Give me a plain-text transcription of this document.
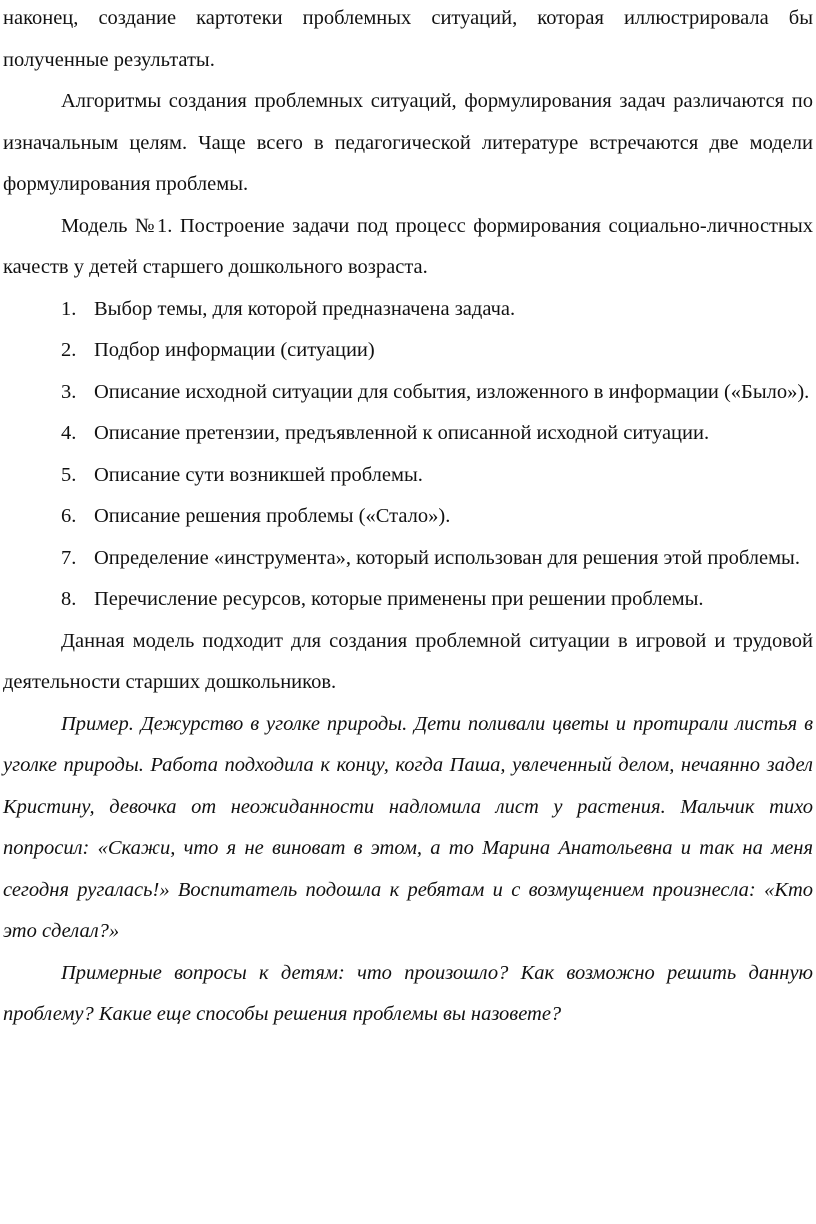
наконец, создание картотеки проблемных ситуаций, которая иллюстрировала бы полученные результаты.

Алгоритмы создания проблемных ситуаций, формулирования задач различаются по изначальным целям. Чаще всего в педагогической литературе встречаются две модели формулирования проблемы.

Модель №1. Построение задачи под процесс формирования социально-личностных качеств у детей старшего дошкольного возраста.

1. Выбор темы, для которой предназначена задача.

2. Подбор информации (ситуации)

3. Описание исходной ситуации для события, изложенного в информации («Было»).

4. Описание претензии, предъявленной к описанной исходной ситуации.

5. Описание сути возникшей проблемы.

6. Описание решения проблемы («Стало»).

7. Определение «инструмента», который использован для решения этой проблемы.

8. Перечисление ресурсов, которые применены при решении проблемы.

Данная модель подходит для создания проблемной ситуации в игровой и трудовой деятельности старших дошкольников.

Пример. Дежурство в уголке природы. Дети поливали цветы и протирали листья в уголке природы. Работа подходила к концу, когда Паша, увлеченный делом, нечаянно задел Кристину, девочка от неожиданности надломила лист у растения. Мальчик тихо попросил: «Скажи, что я не виноват в этом, а то Марина Анатольевна и так на меня сегодня ругалась!» Воспитатель подошла к ребятам и с возмущением произнесла: «Кто это сделал?»

Примерные вопросы к детям: что произошло? Как возможно решить данную проблему? Какие еще способы решения проблемы вы назовете?
